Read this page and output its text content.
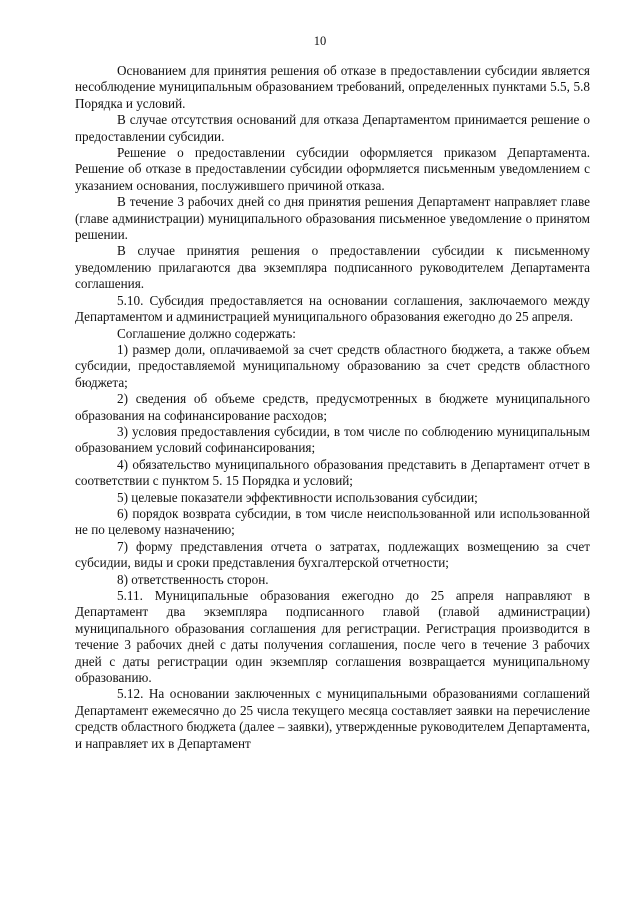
10

Основанием для принятия решения об отказе в предоставлении субсидии является несоблюдение муниципальным образованием требований, определенных пунктами 5.5, 5.8 Порядка и условий.

В случае отсутствия оснований для отказа Департаментом принимается решение о предоставлении субсидии.

Решение о предоставлении субсидии оформляется приказом Департамента. Решение об отказе в предоставлении субсидии оформляется письменным уведомлением с указанием основания, послужившего причиной отказа.

В течение 3 рабочих дней со дня принятия решения Департамент направляет главе (главе администрации) муниципального образования письменное уведомление о принятом решении.

В случае принятия решения о предоставлении субсидии к письменному уведомлению прилагаются два экземпляра подписанного руководителем Департамента соглашения.

5.10. Субсидия предоставляется на основании соглашения, заключаемого между Департаментом и администрацией муниципального образования ежегодно до 25 апреля.

Соглашение должно содержать:

1) размер доли, оплачиваемой за счет средств областного бюджета, а также объем субсидии, предоставляемой муниципальному образованию за счет средств областного бюджета;

2) сведения об объеме средств, предусмотренных в бюджете муниципального образования на софинансирование расходов;

3) условия предоставления субсидии, в том числе по соблюдению муниципальным образованием условий софинансирования;

4) обязательство муниципального образования представить в Департамент отчет в соответствии с пунктом 5. 15 Порядка и условий;

5) целевые показатели эффективности использования субсидии;

6) порядок возврата субсидии, в том числе неиспользованной или использованной не по целевому назначению;

7) форму представления отчета о затратах, подлежащих возмещению за счет субсидии, виды и сроки представления бухгалтерской отчетности;

8) ответственность сторон.

5.11. Муниципальные образования ежегодно до 25 апреля направляют в Департамент два экземпляра подписанного главой (главой администрации) муниципального образования соглашения для регистрации. Регистрация производится в течение 3 рабочих дней с даты получения соглашения, после чего в течение 3 рабочих дней с даты регистрации один экземпляр соглашения возвращается муниципальному образованию.

5.12. На основании заключенных с муниципальными образованиями соглашений Департамент ежемесячно до 25 числа текущего месяца составляет заявки на перечисление средств областного бюджета (далее – заявки), утвержденные руководителем Департамента, и направляет их в Департамент
